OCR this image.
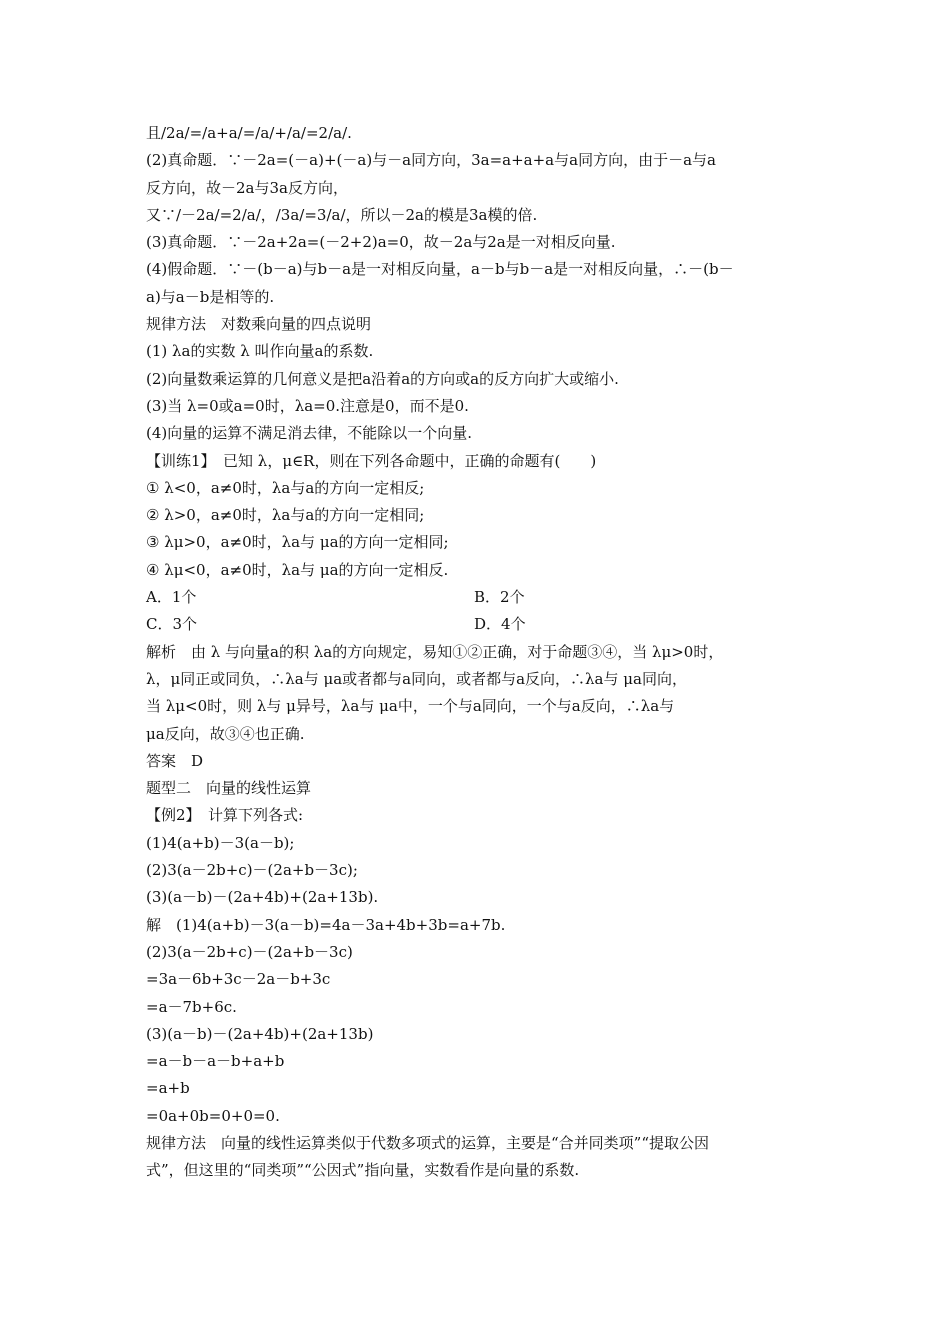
且/2a/=/a+a/=/a/+/a/=2/a/.
(2)真命题．∵－2a=(－a)+(－a)与－a同方向，3a=a+a+a与a同方向，由于－a与a
反方向，故－2a与3a反方向，
又∵/－2a/=2/a/，/3a/=3/a/，所以－2a的模是3a模的倍.
(3)真命题．∵－2a+2a=(－2+2)a=0，故－2a与2a是一对相反向量.
(4)假命题．∵－(b－a)与b－a是一对相反向量，a－b与b－a是一对相反向量，∴－(b－
a)与a－b是相等的.
规律方法　对数乘向量的四点说明
(1) λa的实数 λ 叫作向量a的系数.
(2)向量数乘运算的几何意义是把a沿着a的方向或a的反方向扩大或缩小.
(3)当 λ=0或a=0时，λa=0.注意是0，而不是0.
(4)向量的运算不满足消去律，不能除以一个向量.
【训练1】　已知 λ，μ∈R，则在下列各命题中，正确的命题有(　　)
① λ<0，a≠0时，λa与a的方向一定相反;
② λ>0，a≠0时，λa与a的方向一定相同;
③ λμ>0，a≠0时，λa与 μa的方向一定相同;
④ λμ<0，a≠0时，λa与 μa的方向一定相反.
A．1个	B．2个
C．3个	D．4个
解析　由 λ 与向量a的积 λa的方向规定，易知①②正确，对于命题③④，当 λμ>0时，
λ，μ同正或同负，∴λa与 μa或者都与a同向，或者都与a反向，∴λa与 μa同向，
当 λμ<0时，则 λ与 μ异号，λa与 μa中，一个与a同向，一个与a反向，∴λa与
μa反向，故③④也正确.
答案　D
题型二　向量的线性运算
【例2】　计算下列各式:
(1)4(a+b)－3(a－b);
(2)3(a－2b+c)－(2a+b－3c);
(3)(a－b)－(2a+4b)+(2a+13b).
解　(1)4(a+b)－3(a－b)=4a－3a+4b+3b=a+7b.
(2)3(a－2b+c)－(2a+b－3c)
=3a－6b+3c－2a－b+3c
=a－7b+6c.
(3)(a－b)－(2a+4b)+(2a+13b)
=a－b－a－b+a+b
=a+b
=0a+0b=0+0=0.
规律方法　向量的线性运算类似于代数多项式的运算，主要是“合并同类项”“提取公因
式”，但这里的“同类项”“公因式”指向量，实数看作是向量的系数.
